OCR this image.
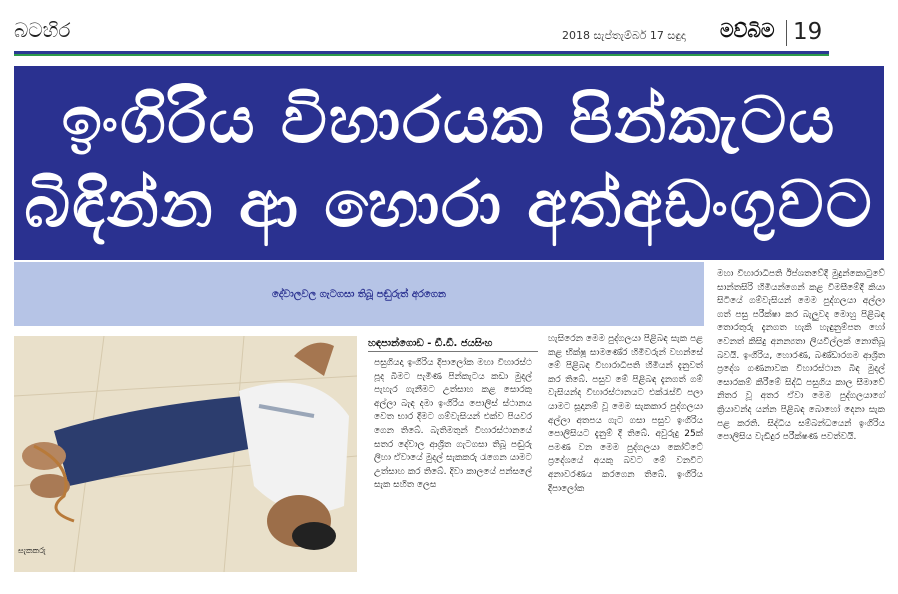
බටහිර	2018 සැප්තැම්බර් 17 සඳුදා මව්බිම 19
ඉංගිරිය විහාරයක පින්කැටය
බිඳින්න ආ හොරා අත්අඩංගුවට
දේවාලවල ගැටගසා තිබූ පඬුරුත් අරගෙන
සැකකරු
හඳපාන්ගොඩ - ඩී.ඩී. ජයසිංහ

පසුගියදා ඉංගිරිය දීපාලෝක මහා විහාරස්ථ පූද බිමට පැමිණ පින්කැටය කඩා මුදල් පැහැර ගැනීමට උත්සාහ කළ සොරකු අල්ලා බැඳ දමා ඉංගිරිය පොලිස් ස්ථානය වෙත භාර දීමට ගම්වැසියන් එක්ව පියවර ගෙන තිබේ. බැතිමතුන් විහාරස්ථානයේ සතර දේවාල ආශ්‍රිත ගැටගසා තිබූ පඬුරු ලිහා ඒවායේ මුදල් සැකකරු රැගෙන යාමට උත්සාහ කර තිබේ. දිවා කාලයේ පන්සලේ සැක සහිත ලෙස

හැසිරෙන මෙම පුද්ගලයා පිළිබඳ සැක පළ කළ භික්ෂූ සාමණේර හිමිවරුන් වහන්සේ මේ පිළිබඳ විහාරාධිපති හිමියන් දැනුවත් කර තිබේ. පසුව මේ පිළිබඳ දැනගත් ගම් වැසියන්ද විහාරස්ථානයට එක්රැස්වී පලා යාමට සූදානම් වූ මෙම සැකකාර පුද්ගලයා අල්ලා අතපය ගැට ගසා පසුව ඉංගිරිය පොලිසියට දැනුම් දී තිබේ. අවුරුදු 25ක් පමණ වන මෙම පුද්ගලයා කෝට්ටේ ප්‍රදේශයේ අයකු බවට මේ වනවිට අනාවරණය කරගෙන තිබේ. ඉංගිරිය දීපාලෝක

මහා විහාරාධිපති ඊප්ශතවේදී මුදුන්කොටුවේ සාන්තසිරි හිමියන්ගෙන් කළ විමසීමේදී කියා සිටියේ ගම්වැසියන් මෙම පුද්ගලයා අල්ලා ගත් පසු පරීක්ෂා කර බැලුවද මොහු පිළිබඳ තොරතුරු දැනගත හැකි හැඳුනුම්පත හෝ වෙනත් කිසිදු අනන්‍යතා ලියවිල්ලක් නොතිබූ බවයි. ඉංගිරිය, හොරණ, බණ්ඩාරගම ආශ්‍රිත ප්‍රදේශ ගණනාවක විහාරස්ථාන බිඳ මුදල් සොරකම් කිරීමේ සිද්ධි පසුගිය කාල සීමාවේ නිතර වූ අතර ඒවා මෙම පුද්ගලයාගේ ක්‍රියාවන්ද යන්න පිළිබඳ බොහෝ දෙනා සැක පළ කරති. සිද්ධිය සම්බන්ධයෙන් ඉංගිරිය පොලිසිය වැඩිදුර පරීක්ෂණ පවත්වයි.
